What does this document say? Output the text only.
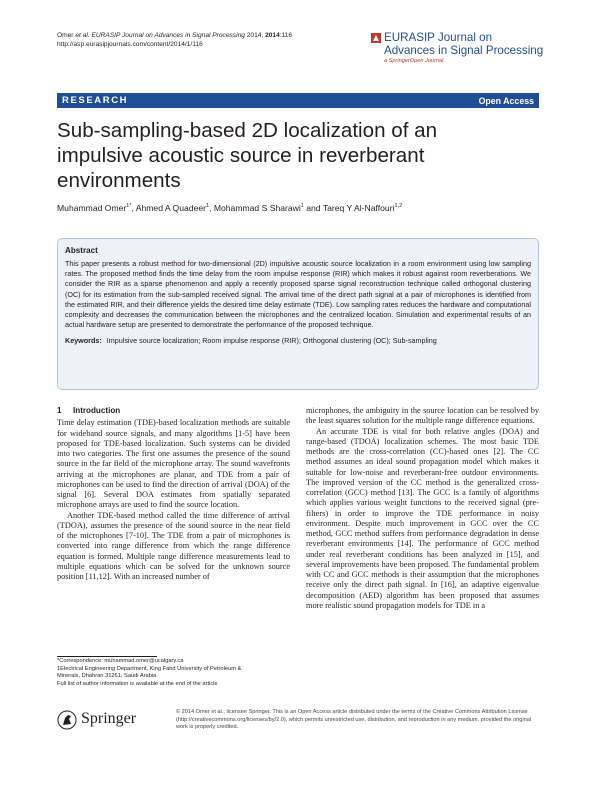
Omer et al. EURASIP Journal on Advances in Signal Processing 2014, 2014:116
http://asp.eurasipjournals.com/content/2014/1/116
EURASIP Journal on
Advances in Signal Processing
a SpringerOpen Journal
RESEARCH	Open Access
Sub-sampling-based 2D localization of an impulsive acoustic source in reverberant environments
Muhammad Omer$^{1*}$, Ahmed A Quadeer$^1$, Mohammad S Sharawi$^1$ and Tareq Y Al-Naffouri$^{1,2}$
Abstract
This paper presents a robust method for two-dimensional (2D) impulsive acoustic source localization in a room environment using low sampling rates. The proposed method finds the time delay from the room impulse response (RIR) which makes it robust against room reverberations. We consider the RIR as a sparse phenomenon and apply a recently proposed sparse signal reconstruction technique called orthogonal clustering (OC) for its estimation from the sub-sampled received signal. The arrival time of the direct path signal at a pair of microphones is identified from the estimated RIR, and their difference yields the desired time delay estimate (TDE). Low sampling rates reduces the hardware and computational complexity and decreases the communication between the microphones and the centralized location. Simulation and experimental results of an actual hardware setup are presented to demonstrate the performance of the proposed technique.
Keywords: Impulsive source localization; Room impulse response (RIR); Orthogonal clustering (OC); Sub-sampling
1 Introduction

Time delay estimation (TDE)-based localization methods are suitable for wideband source signals, and many algorithms [1-5] have been proposed for TDE-based localization. Such systems can be divided into two categories. The first one assumes the presence of the sound source in the far field of the microphone array. The sound wavefronts arriving at the microphones are planar, and TDE from a pair of microphones can be used to find the direction of arrival (DOA) of the signal [6]. Several DOA estimates from spatially separated microphone arrays are used to find the source location.

Another TDE-based method called the time difference of arrival (TDOA), assumes the presence of the sound source in the near field of the microphones [7-10]. The TDE from a pair of microphones is converted into range difference from which the range difference equation is formed. Multiple range difference measurements lead to multiple equations which can be solved for the unknown source position [11,12]. With an increased number of

microphones, the ambiguity in the source location can be resolved by the least squares solution for the multiple range difference equations.

An accurate TDE is vital for both relative angles (DOA) and range-based (TDOA) localization schemes. The most basic TDE methods are the cross-correlation (CC)-based ones [2]. The CC method assumes an ideal sound propagation model which makes it suitable for low-noise and reverberant-free outdoor environments. The improved version of the CC method is the generalized cross-correlation (GCC) method [13]. The GCC is a family of algorithms which applies various weight functions to the received signal (pre-filters) in order to improve the TDE performance in noisy environment. Despite much improvement in GCC over the CC method, GCC method suffers from performance degradation in dense reverberant environments [14]. The performance of GCC method under real reverberant conditions has been analyzed in [15], and several improvements have been proposed. The fundamental problem with CC and GCC methods is their assumption that the microphones receive only the direct path signal. In [16], an adaptive eigenvalue decomposition (AED) algorithm has been proposed that assumes more realistic sound propagation models for TDE in a

*Correspondence: muhammad.omer@ucalgary.ca
1Electrical Engineering Department, King Fahd University of Petroleum &
Minerals, Dhahran 31261, Saudi Arabia
Full list of author information is available at the end of the article
Springer	© 2014 Omer et al.; licensee Springer. This is an Open Access article distributed under the terms of the Creative Commons Attribution License (http://creativecommons.org/licenses/by/2.0), which permits unrestricted use, distribution, and reproduction in any medium, provided the original work is properly credited.
